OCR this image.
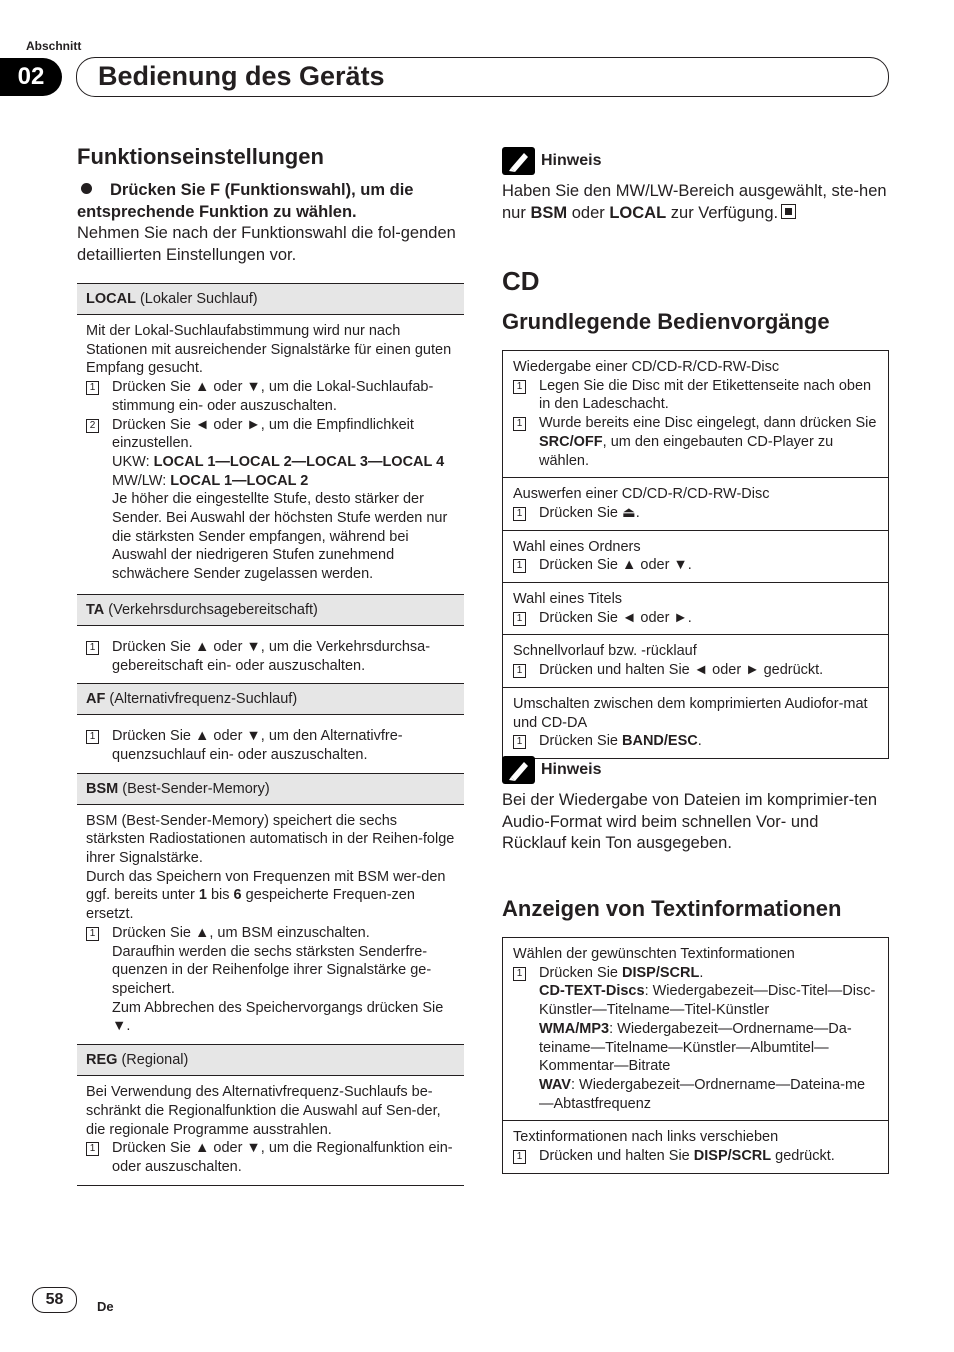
Abschnitt
02	Bedienung des Geräts
Funktionseinstellungen
Drücken Sie F (Funktionswahl), um die entsprechende Funktion zu wählen.
Nehmen Sie nach der Funktionswahl die fol-genden detaillierten Einstellungen vor.
LOCAL (Lokaler Suchlauf)

Mit der Lokal-Suchlaufabstimmung wird nur nach Stationen mit ausreichender Signalstärke für einen guten Empfang gesucht.

1 Drücken Sie ▲ oder ▼, um die Lokal-Suchlaufab-stimmung ein- oder auszuschalten.
2 Drücken Sie ◄ oder ►, um die Empfindlichkeit einzustellen.
UKW: LOCAL 1—LOCAL 2—LOCAL 3—LOCAL 4
MW/LW: LOCAL 1—LOCAL 2
Je höher die eingestellte Stufe, desto stärker der Sender. Bei Auswahl der höchsten Stufe werden nur die stärksten Sender empfangen, während bei Auswahl der niedrigeren Stufen zunehmend schwächere Sender zugelassen werden.
TA (Verkehrsdurchsagebereitschaft)
1 Drücken Sie ▲ oder ▼, um die Verkehrsdurchsa-gebereitschaft ein- oder auszuschalten.
AF (Alternativfrequenz-Suchlauf)
1 Drücken Sie ▲ oder ▼, um den Alternativfre-quenzsuchlauf ein- oder auszuschalten.
BSM (Best-Sender-Memory)

BSM (Best-Sender-Memory) speichert die sechs stärksten Radiostationen automatisch in der Reihen-folge ihrer Signalstärke.

Durch das Speichern von Frequenzen mit BSM wer-den ggf. bereits unter 1 bis 6 gespeicherte Frequen-zen ersetzt.

1 Drücken Sie ▲, um BSM einzuschalten.
Daraufhin werden die sechs stärksten Senderfre-quenzen in der Reihenfolge ihrer Signalstärke ge-speichert.
Zum Abbrechen des Speichervorgangs drücken Sie ▼.
REG (Regional)

Bei Verwendung des Alternativfrequenz-Suchlaufs be-schränkt die Regionalfunktion die Auswahl auf Sen-der, die regionale Programme ausstrahlen.

1 Drücken Sie ▲ oder ▼, um die Regionalfunktion ein- oder auszuschalten.
Hinweis
Haben Sie den MW/LW-Bereich ausgewählt, ste-hen nur BSM oder LOCAL zur Verfügung.
CD
Grundlegende Bedienvorgänge

Wiedergabe einer CD/CD-R/CD-RW-Disc

1 Legen Sie die Disc mit der Etikettenseite nach oben in den Ladeschacht.
1 Wurde bereits eine Disc eingelegt, dann drücken Sie SRC/OFF, um den eingebauten CD-Player zu wählen.

Auswerfen einer CD/CD-R/CD-RW-Disc

1 Drücken Sie ⏏.

Wahl eines Ordners

1 Drücken Sie ▲ oder ▼.

Wahl eines Titels

1 Drücken Sie ◄ oder ►.

Schnellvorlauf bzw. -rücklauf

1 Drücken und halten Sie ◄ oder ► gedrückt.

Umschalten zwischen dem komprimierten Audiofor-mat und CD-DA

1 Drücken Sie BAND/ESC.
Hinweis
Bei der Wiedergabe von Dateien im komprimier-ten Audio-Format wird beim schnellen Vor- und Rücklauf kein Ton ausgegeben.
Anzeigen von Textinformationen

Wählen der gewünschten Textinformationen

1 Drücken Sie DISP/SCRL.
CD-TEXT-Discs: Wiedergabezeit—Disc-Titel—Disc-Künstler—Titelname—Titel-Künstler
WMA/MP3: Wiedergabezeit—Ordnername—Da-teiname—Titelname—Künstler—Albumtitel—Kommentar—Bitrate
WAV: Wiedergabezeit—Ordnername—Dateina-me—Abtastfrequenz

Textinformationen nach links verschieben

1 Drücken und halten Sie DISP/SCRL gedrückt.
58	De
